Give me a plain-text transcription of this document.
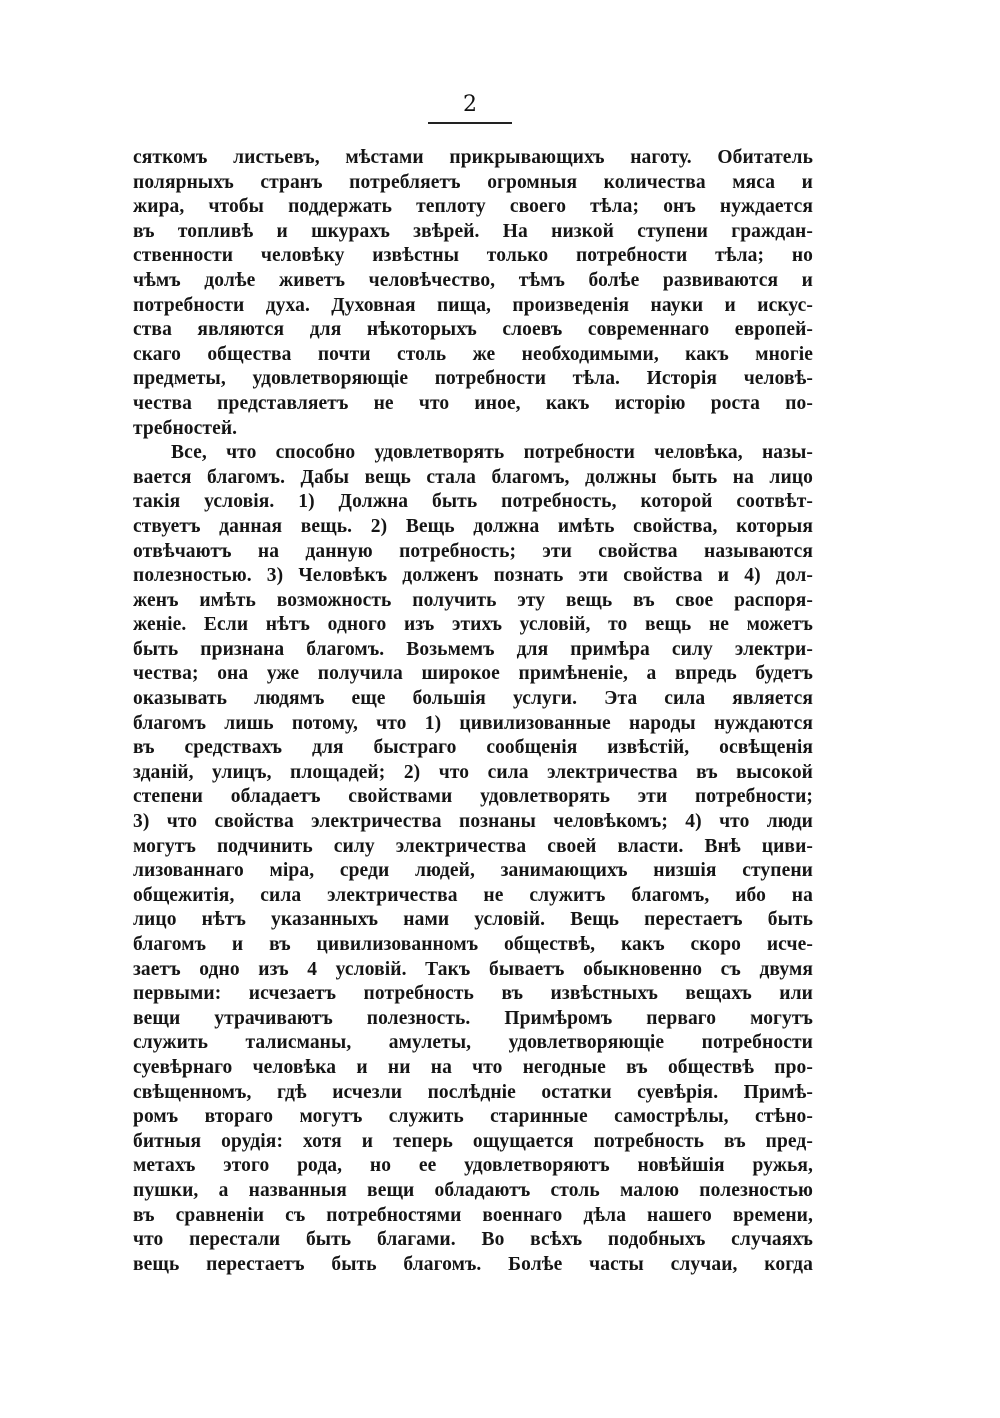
2
сяткомъ листьевъ, мѣстами прикрывающихъ наготу. Обитатель
полярныхъ странъ потребляетъ огромныя количества мяса и
жира, чтобы поддержать теплоту своего тѣла; онъ нуждается
въ топливѣ и шкурахъ звѣрей. На низкой ступени граждан-
ственности человѣку извѣстны только потребности тѣла; но
чѣмъ долѣе живетъ человѣчество, тѣмъ болѣе развиваются и
потребности духа. Духовная пища, произведенія науки и искус-
ства являются для нѣкоторыхъ слоевъ современнаго европей-
скаго общества почти столь же необходимыми, какъ многіе
предметы, удовлетворяющіе потребности тѣла. Исторія человѣ-
чества представляетъ не что иное, какъ исторію роста по-
требностей.
Все, что способно удовлетворять потребности человѣка, назы-
вается благомъ. Дабы вещь стала благомъ, должны быть на лицо
такія условія. 1) Должна быть потребность, которой соотвѣт-
ствуетъ данная вещь. 2) Вещь должна имѣть свойства, которыя
отвѣчаютъ на данную потребность; эти свойства называются
полезностью. 3) Человѣкъ долженъ познать эти свойства и 4) дол-
женъ имѣть возможность получить эту вещь въ свое распоря-
женіе. Если нѣтъ одного изъ этихъ условій, то вещь не можетъ
быть признана благомъ. Возьмемъ для примѣра силу электри-
чества; она уже получила широкое примѣненіе, а впредь будетъ
оказывать людямъ еще большія услуги. Эта сила является
благомъ лишь потому, что 1) цивилизованные народы нуждаются
въ средствахъ для быстраго сообщенія извѣстій, освѣщенія
зданій, улицъ, площадей; 2) что сила электричества въ высокой
степени обладаетъ свойствами удовлетворять эти потребности;
3) что свойства электричества познаны человѣкомъ; 4) что люди
могутъ подчинить силу электричества своей власти. Внѣ циви-
лизованнаго міра, среди людей, занимающихъ низшія ступени
общежитія, сила электричества не служитъ благомъ, ибо на
лицо нѣтъ указанныхъ нами условій. Вещь перестаетъ быть
благомъ и въ цивилизованномъ обществѣ, какъ скоро исче-
заетъ одно изъ 4 условій. Такъ бываетъ обыкновенно съ двумя
первыми: исчезаетъ потребность въ извѣстныхъ вещахъ или
вещи утрачиваютъ полезность. Примѣромъ перваго могутъ
служить талисманы, амулеты, удовлетворяющіе потребности
суевѣрнаго человѣка и ни на что негодные въ обществѣ про-
свѣщенномъ, гдѣ исчезли послѣдніе остатки суевѣрія. Примѣ-
ромъ втораго могутъ служить старинные самострѣлы, стѣно-
битныя орудія: хотя и теперь ощущается потребность въ пред-
метахъ этого рода, но ее удовлетворяютъ новѣйшія ружья,
пушки, а названныя вещи обладаютъ столь малою полезностью
въ сравненіи съ потребностями военнаго дѣла нашего времени,
что перестали быть благами. Во всѣхъ подобныхъ случаяхъ
вещь перестаетъ быть благомъ. Болѣе часты случаи, когда
